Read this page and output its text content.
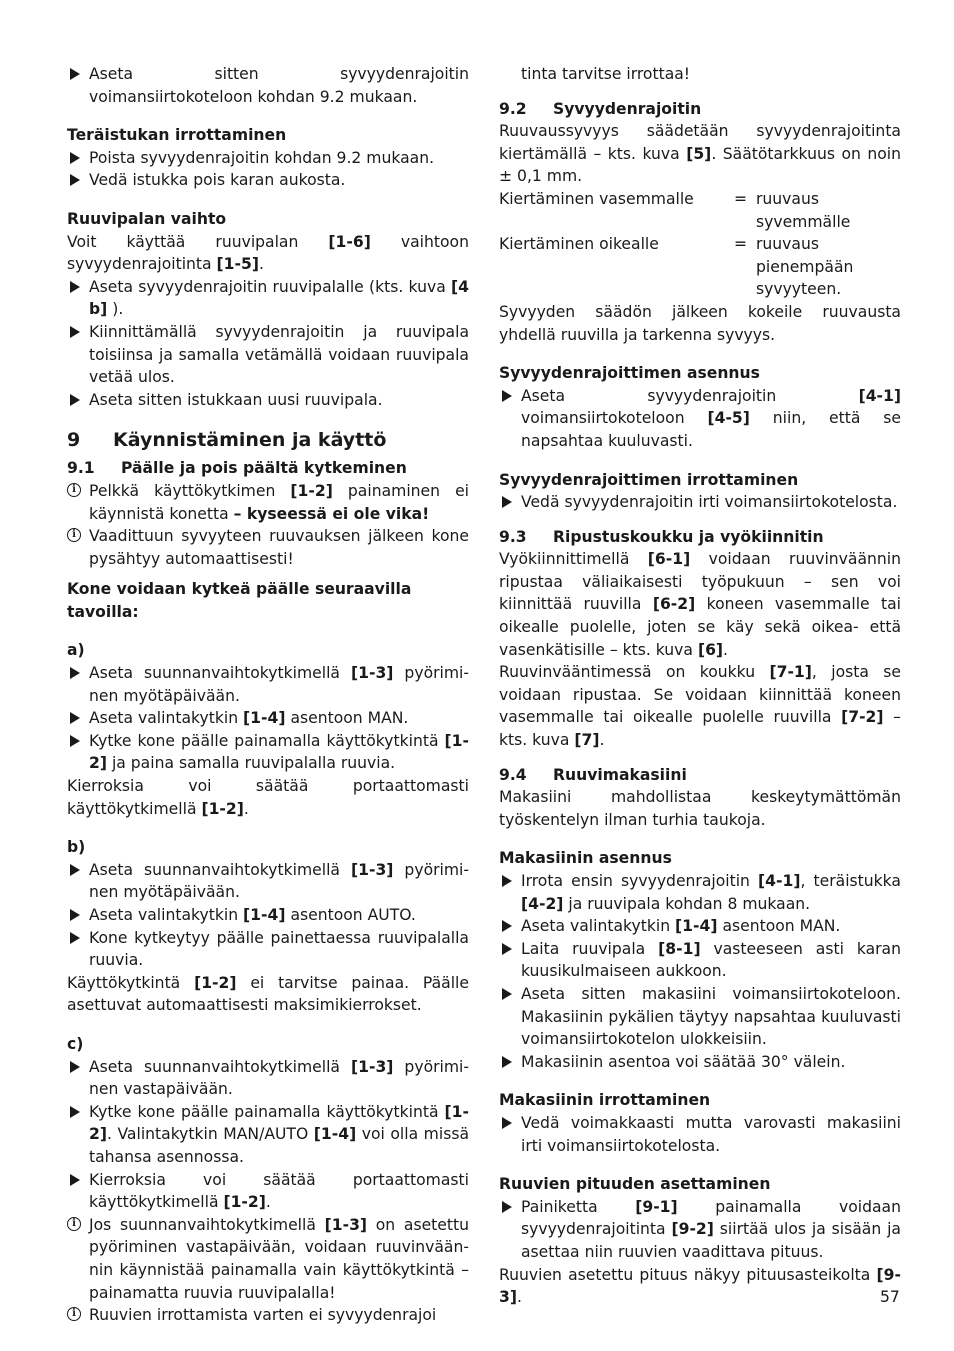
Aseta sitten syvyydenrajoitin voimansiirtokoteloon kohdan 9.2 mukaan.
Teräistukan irrottaminen
Poista syvyydenrajoitin kohdan 9.2 mukaan.
Vedä istukka pois karan aukosta.
Ruuvipalan vaihto
Voit käyttää ruuvipalan [1-6] vaihtoon syvyydenrajoitinta [1-5].
Aseta syvyydenrajoitin ruuvipalalle (kts. kuva [4 b] ).
Kiinnittämällä syvyydenrajoitin ja ruuvipala toisiinsa ja samalla vetämällä voidaan ruuvipala vetää ulos.
Aseta sitten istukkaan uusi ruuvipala.
9	Käynnistäminen ja käyttö
9.1	Päälle ja pois päältä kytkeminen
i Pelkkä käyttökytkimen [1-2] painaminen ei käynnistä konetta – kyseessä ei ole vika!
i Vaadittuun syvyyteen ruuvauksen jälkeen kone pysähtyy automaattisesti!
Kone voidaan kytkeä päälle seuraavilla tavoilla:
a)
Aseta suunnanvaihtokytkimellä [1-3] pyöriminen myötäpäivään.
Aseta valintakytkin [1-4] asentoon MAN.
Kytke kone päälle painamalla käyttökytkintä [1-2] ja paina samalla ruuvipalalla ruuvia.
Kierroksia voi säätää portaattomasti käyttökytkimellä [1-2].
b)
Aseta suunnanvaihtokytkimellä [1-3] pyöriminen myötäpäivään.
Aseta valintakytkin [1-4] asentoon AUTO.
Kone kytkeytyy päälle painettaessa ruuvipalalla ruuvia.
Käyttökytkintä [1-2] ei tarvitse painaa. Päälle asettuvat automaattisesti maksimikierrokset.
c)
Aseta suunnanvaihtokytkimellä [1-3] pyöriminen vastapäivään.
Kytke kone päälle painamalla käyttökytkintä [1-2]. Valintakytkin MAN/AUTO [1-4] voi olla missä tahansa asennossa.
Kierroksia voi säätää portaattomasti käyttökytkimellä [1-2].
i Jos suunnanvaihtokytkimellä [1-3] on asetettu pyöriminen vastapäivään, voidaan ruuvinväännin käynnistää painamalla vain käyttökytkintä – painamatta ruuvia ruuvipalalla!
i Ruuvien irrottamista varten ei syvyydenrajoi
tinta tarvitse irrottaa!
9.2	Syvyydenrajoitin
Ruuvaussyvyys säädetään syvyydenrajoitinta kiertämällä – kts. kuva [5]. Säätötarkkuus on noin ± 0,1 mm.
Kiertäminen vasemmalle	= ruuvaus syvemmälle
Kiertäminen oikealle	= ruuvaus pienempään syvyyteen.
Syvyyden säädön jälkeen kokeile ruuvausta yhdellä ruuvilla ja tarkenna syvyys.
Syvyydenrajoittimen asennus
Aseta syvyydenrajoitin [4-1] voimansiirtokoteloon [4-5] niin, että se napsahtaa kuuluvasti.
Syvyydenrajoittimen irrottaminen
Vedä syvyydenrajoitin irti voimansiirtokotelosta.
9.3	Ripustuskoukku ja vyökiinnitin
Vyökiinnittimellä [6-1] voidaan ruuvinväännin ripustaa väliaikaisesti työpukuun – sen voi kiinnittää ruuvilla [6-2] koneen vasemmalle tai oikealle puolelle, joten se käy sekä oikea- että vasenkätisille – kts. kuva [6].
Ruuvinvääntimessä on koukku [7-1], josta se voidaan ripustaa. Se voidaan kiinnittää koneen vasemmalle tai oikealle puolelle ruuvilla [7-2] – kts. kuva [7].
9.4	Ruuvimakasiini
Makasiini mahdollistaa keskeytymättömän työskentelyn ilman turhia taukoja.
Makasiinin asennus
Irrota ensin syvyydenrajoitin [4-1], teräistukka [4-2] ja ruuvipala kohdan 8 mukaan.
Aseta valintakytkin [1-4] asentoon MAN.
Laita ruuvipala [8-1] vasteeseen asti karan kuusikulmaiseen aukkoon.
Aseta sitten makasiini voimansiirtokoteloon. Makasiinin pykälien täytyy napsahtaa kuuluvasti voimansiirtokotelon ulokkeisiin.
Makasiinin asentoa voi säätää 30° välein.
Makasiinin irrottaminen
Vedä voimakkaasti mutta varovasti makasiini irti voimansiirtokotelosta.
Ruuvien pituuden asettaminen
Painiketta [9-1] painamalla voidaan syvyydenrajoitinta [9-2] siirtää ulos ja sisään ja asettaa niin ruuvien vaadittava pituus.
Ruuvien asetettu pituus näkyy pituusasteikolta [9-3].	57
